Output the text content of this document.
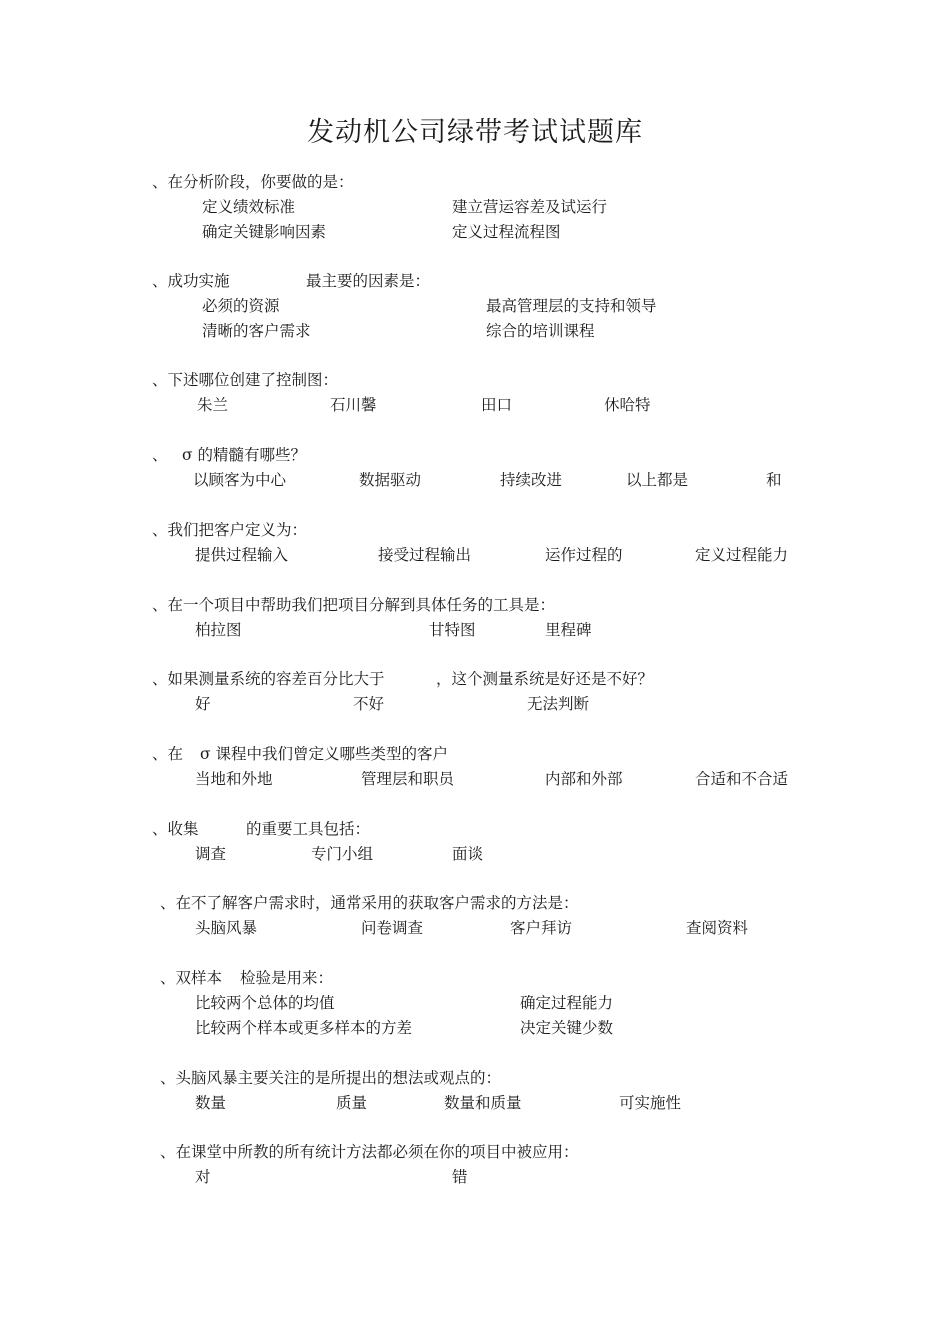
发动机公司绿带考试试题库
、在分析阶段，你要做的是：
定义绩效标准	建立营运容差及试运行
确定关键影响因素	定义过程流程图
、成功实施	最主要的因素是：
必须的资源	最高管理层的支持和领导
清晰的客户需求	综合的培训课程
、下述哪位创建了控制图：
朱兰	石川馨	田口	休哈特
、 σ 的精髓有哪些？
以顾客为中心	数据驱动	持续改进	以上都是	和
、我们把客户定义为：
提供过程输入	接受过程输出	运作过程的	定义过程能力
、在一个项目中帮助我们把项目分解到具体任务的工具是：
柏拉图	甘特图	里程碑
、如果测量系统的容差百分比大于	，这个测量系统是好还是不好？
好	不好	无法判断
、在 σ 课程中我们曾定义哪些类型的客户
当地和外地	管理层和职员	内部和外部	合适和不合适
、收集	的重要工具包括：
调查	专门小组	面谈
、在不了解客户需求时，通常采用的获取客户需求的方法是：
头脑风暴	问卷调查	客户拜访	查阅资料
、双样本 检验是用来：
比较两个总体的均值	确定过程能力
比较两个样本或更多样本的方差	决定关键少数
、头脑风暴主要关注的是所提出的想法或观点的：
数量	质量	数量和质量	可实施性
、在课堂中所教的所有统计方法都必须在你的项目中被应用：
对	错
